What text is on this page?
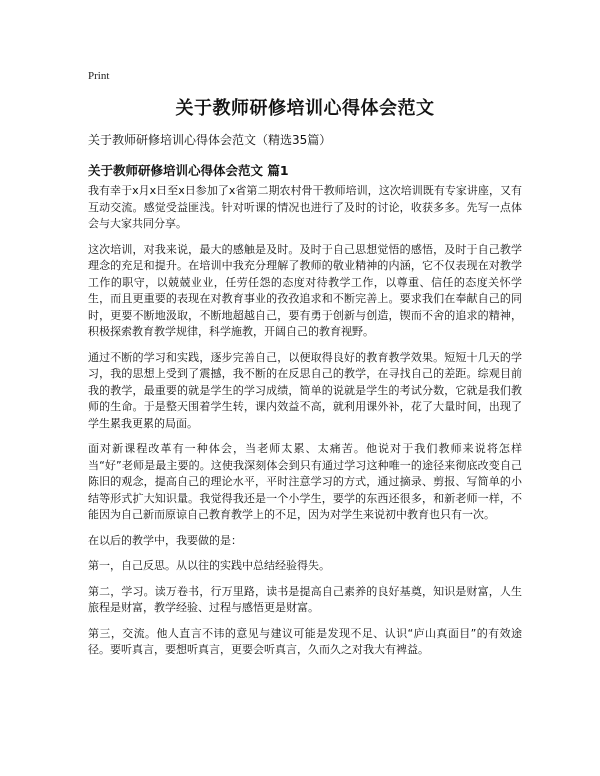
Print
关于教师研修培训心得体会范文
关于教师研修培训心得体会范文（精选35篇）
关于教师研修培训心得体会范文 篇1

我有幸于x月x日至x日参加了x省第二期农村骨干教师培训，这次培训既有专家讲座，又有互动交流。感觉受益匪浅。针对听课的情况也进行了及时的讨论，收获多多。先写一点体会与大家共同分享。

这次培训，对我来说，最大的感触是及时。及时于自己思想觉悟的感悟，及时于自己教学理念的充足和提升。在培训中我充分理解了教师的敬业精神的内涵，它不仅表现在对教学工作的职守，以兢兢业业，任劳任怨的态度对待教学工作，以尊重、信任的态度关怀学生，而且更重要的表现在对教育事业的孜孜追求和不断完善上。要求我们在奉献自己的同时，更要不断地汲取，不断地超越自己，要有勇于创新与创造，锲而不舍的追求的精神，积极探索教育教学规律，科学施教，开阔自己的教育视野。

通过不断的学习和实践，逐步完善自己，以便取得良好的教育教学效果。短短十几天的学习，我的思想上受到了震撼，我不断的在反思自己的教学，在寻找自己的差距。综观目前我的教学，最重要的就是学生的学习成绩，简单的说就是学生的考试分数，它就是我们教师的生命。于是整天围着学生转，课内效益不高，就利用课外补，花了大量时间，出现了学生累我更累的局面。

面对新课程改革有一种体会，当老师太累、太痛苦。他说对于我们教师来说将怎样当“好”老师是最主要的。这使我深刻体会到只有通过学习这种唯一的途径来彻底改变自己陈旧的观念，提高自己的理论水平，平时注意学习的方式，通过摘录、剪报、写简单的小结等形式扩大知识量。我觉得我还是一个小学生，要学的东西还很多，和新老师一样，不能因为自己新而原谅自己教育教学上的不足，因为对学生来说初中教育也只有一次。

在以后的教学中，我要做的是：

第一，自己反思。从以往的实践中总结经验得失。

第二，学习。读万卷书，行万里路，读书是提高自己素养的良好基奠，知识是财富，人生旅程是财富，教学经验、过程与感悟更是财富。

第三，交流。他人直言不讳的意见与建议可能是发现不足、认识“庐山真面目”的有效途径。要听真言，要想听真言，更要会听真言，久而久之对我大有裨益。
